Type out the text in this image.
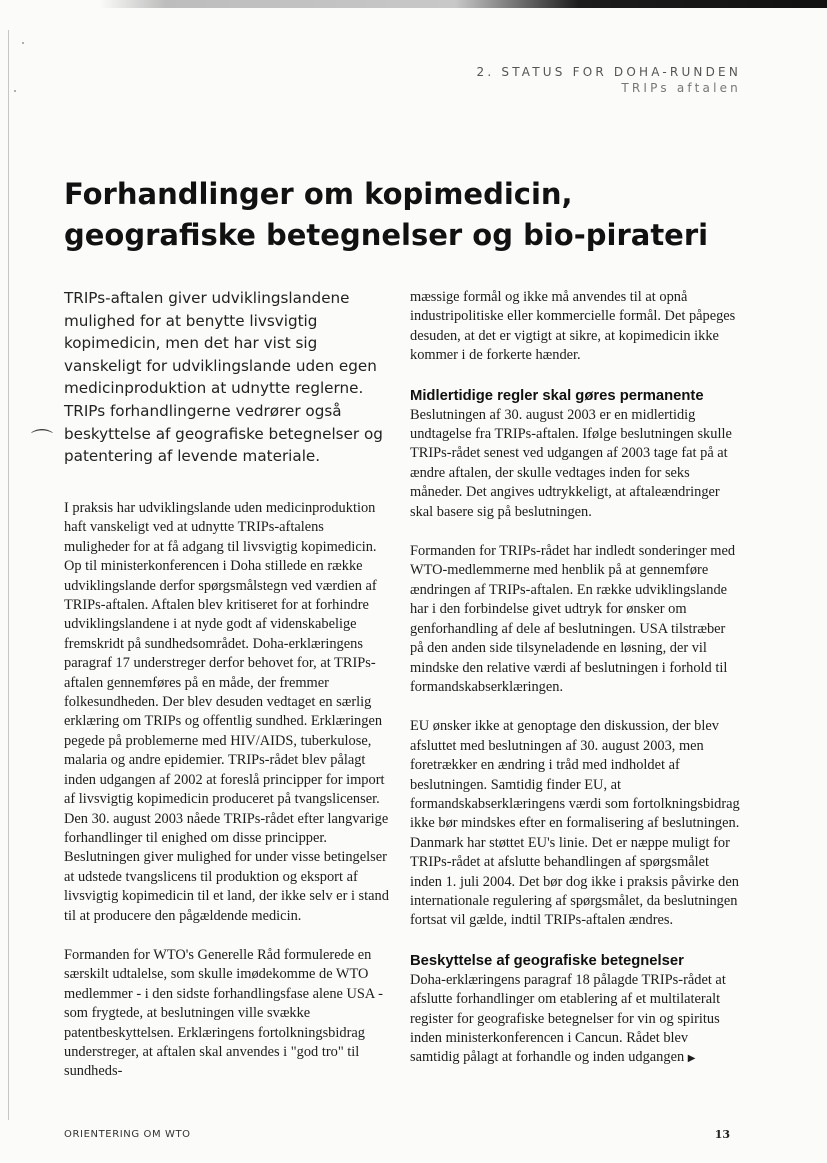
2. STATUS FOR DOHA-RUNDEN
TRIPs aftalen
Forhandlinger om kopimedicin,
geografiske betegnelser og bio-pirateri
⌒

TRIPs-aftalen giver udviklingslandene mulighed for at benytte livsvigtig kopimedicin, men det har vist sig vanskeligt for udviklingslande uden egen medicinproduktion at udnytte reglerne. TRIPs forhandlingerne vedrører også beskyttelse af geografiske betegnelser og patentering af levende materiale.

I praksis har udviklingslande uden medicinproduktion haft vanskeligt ved at udnytte TRIPs-aftalens muligheder for at få adgang til livsvigtig kopimedicin. Op til ministerkonferencen i Doha stillede en række udviklingslande derfor spørgsmålstegn ved værdien af TRIPs-aftalen. Aftalen blev kritiseret for at forhindre udviklingslandene i at nyde godt af videnskabelige fremskridt på sundhedsområdet. Doha-erklæringens paragraf 17 understreger derfor behovet for, at TRIPs-aftalen gennemføres på en måde, der fremmer folkesundheden. Der blev desuden vedtaget en særlig erklæring om TRIPs og offentlig sundhed. Erklæringen pegede på problemerne med HIV/AIDS, tuberkulose, malaria og andre epidemier. TRIPs-rådet blev pålagt inden udgangen af 2002 at foreslå principper for import af livsvigtig kopimedicin produceret på tvangslicenser. Den 30. august 2003 nåede TRIPs-rådet efter langvarige forhandlinger til enighed om disse principper. Beslutningen giver mulighed for under visse betingelser at udstede tvangslicens til produktion og eksport af livsvigtig kopimedicin til et land, der ikke selv er i stand til at producere den pågældende medicin.

Formanden for WTO's Generelle Råd formulerede en særskilt udtalelse, som skulle imødekomme de WTO medlemmer - i den sidste forhandlingsfase alene USA - som frygtede, at beslutningen ville svække patentbeskyttelsen. Erklæringens fortolkningsbidrag understreger, at aftalen skal anvendes i "god tro" til sundheds-

mæssige formål og ikke må anvendes til at opnå industripolitiske eller kommercielle formål. Det påpeges desuden, at det er vigtigt at sikre, at kopimedicin ikke kommer i de forkerte hænder.

Midlertidige regler skal gøres permanente

Beslutningen af 30. august 2003 er en midlertidig undtagelse fra TRIPs-aftalen. Ifølge beslutningen skulle TRIPs-rådet senest ved udgangen af 2003 tage fat på at ændre aftalen, der skulle vedtages inden for seks måneder. Det angives udtrykkeligt, at aftaleændringer skal basere sig på beslutningen.

Formanden for TRIPs-rådet har indledt sonderinger med WTO-medlemmerne med henblik på at gennemføre ændringen af TRIPs-aftalen. En række udviklingslande har i den forbindelse givet udtryk for ønsker om genforhandling af dele af beslutningen. USA tilstræber på den anden side tilsyneladende en løsning, der vil mindske den relative værdi af beslutningen i forhold til formandskabserklæringen.

EU ønsker ikke at genoptage den diskussion, der blev afsluttet med beslutningen af 30. august 2003, men foretrækker en ændring i tråd med indholdet af beslutningen. Samtidig finder EU, at formandskabserklæringens værdi som fortolkningsbidrag ikke bør mindskes efter en formalisering af beslutningen. Danmark har støttet EU's linie. Det er næppe muligt for TRIPs-rådet at afslutte behandlingen af spørgsmålet inden 1. juli 2004. Det bør dog ikke i praksis påvirke den internationale regulering af spørgsmålet, da beslutningen fortsat vil gælde, indtil TRIPs-aftalen ændres.

Beskyttelse af geografiske betegnelser

Doha-erklæringens paragraf 18 pålagde TRIPs-rådet at afslutte forhandlinger om etablering af et multilateralt register for geografiske betegnelser for vin og spiritus inden ministerkonferencen i Cancun. Rådet blev samtidig pålagt at forhandle og inden udgangen ▶

ORIENTERING OM WTO	13
